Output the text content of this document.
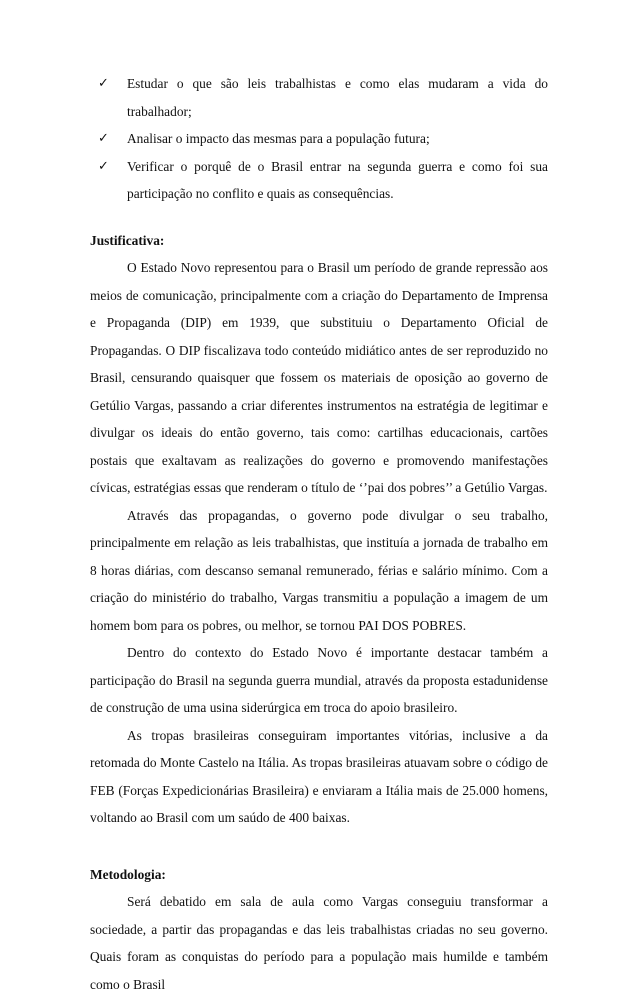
✓ Estudar o que são leis trabalhistas e como elas mudaram a vida do trabalhador;
✓ Analisar o impacto das mesmas para a população futura;
✓ Verificar o porquê de o Brasil entrar na segunda guerra e como foi sua participação no conflito e quais as consequências.
Justificativa:

O Estado Novo representou para o Brasil um período de grande repressão aos meios de comunicação, principalmente com a criação do Departamento de Imprensa e Propaganda (DIP) em 1939, que substituiu o Departamento Oficial de Propagandas. O DIP fiscalizava todo conteúdo midiático antes de ser reproduzido no Brasil, censurando quaisquer que fossem os materiais de oposição ao governo de Getúlio Vargas, passando a criar diferentes instrumentos na estratégia de legitimar e divulgar os ideais do então governo, tais como: cartilhas educacionais, cartões postais que exaltavam as realizações do governo e promovendo manifestações cívicas, estratégias essas que renderam o título de ‘’pai dos pobres’’ a Getúlio Vargas.

Através das propagandas, o governo pode divulgar o seu trabalho, principalmente em relação as leis trabalhistas, que instituía a jornada de trabalho em 8 horas diárias, com descanso semanal remunerado, férias e salário mínimo. Com a criação do ministério do trabalho, Vargas transmitiu a população a imagem de um homem bom para os pobres, ou melhor, se tornou PAI DOS POBRES.

Dentro do contexto do Estado Novo é importante destacar também a participação do Brasil na segunda guerra mundial, através da proposta estadunidense de construção de uma usina siderúrgica em troca do apoio brasileiro.

As tropas brasileiras conseguiram importantes vitórias, inclusive a da retomada do Monte Castelo na Itália. As tropas brasileiras atuavam sobre o código de FEB (Forças Expedicionárias Brasileira) e enviaram a Itália mais de 25.000 homens, voltando ao Brasil com um saúdo de 400 baixas.

Metodologia:

Será debatido em sala de aula como Vargas conseguiu transformar a sociedade, a partir das propagandas e das leis trabalhistas criadas no seu governo. Quais foram as conquistas do período para a população mais humilde e também como o Brasil
